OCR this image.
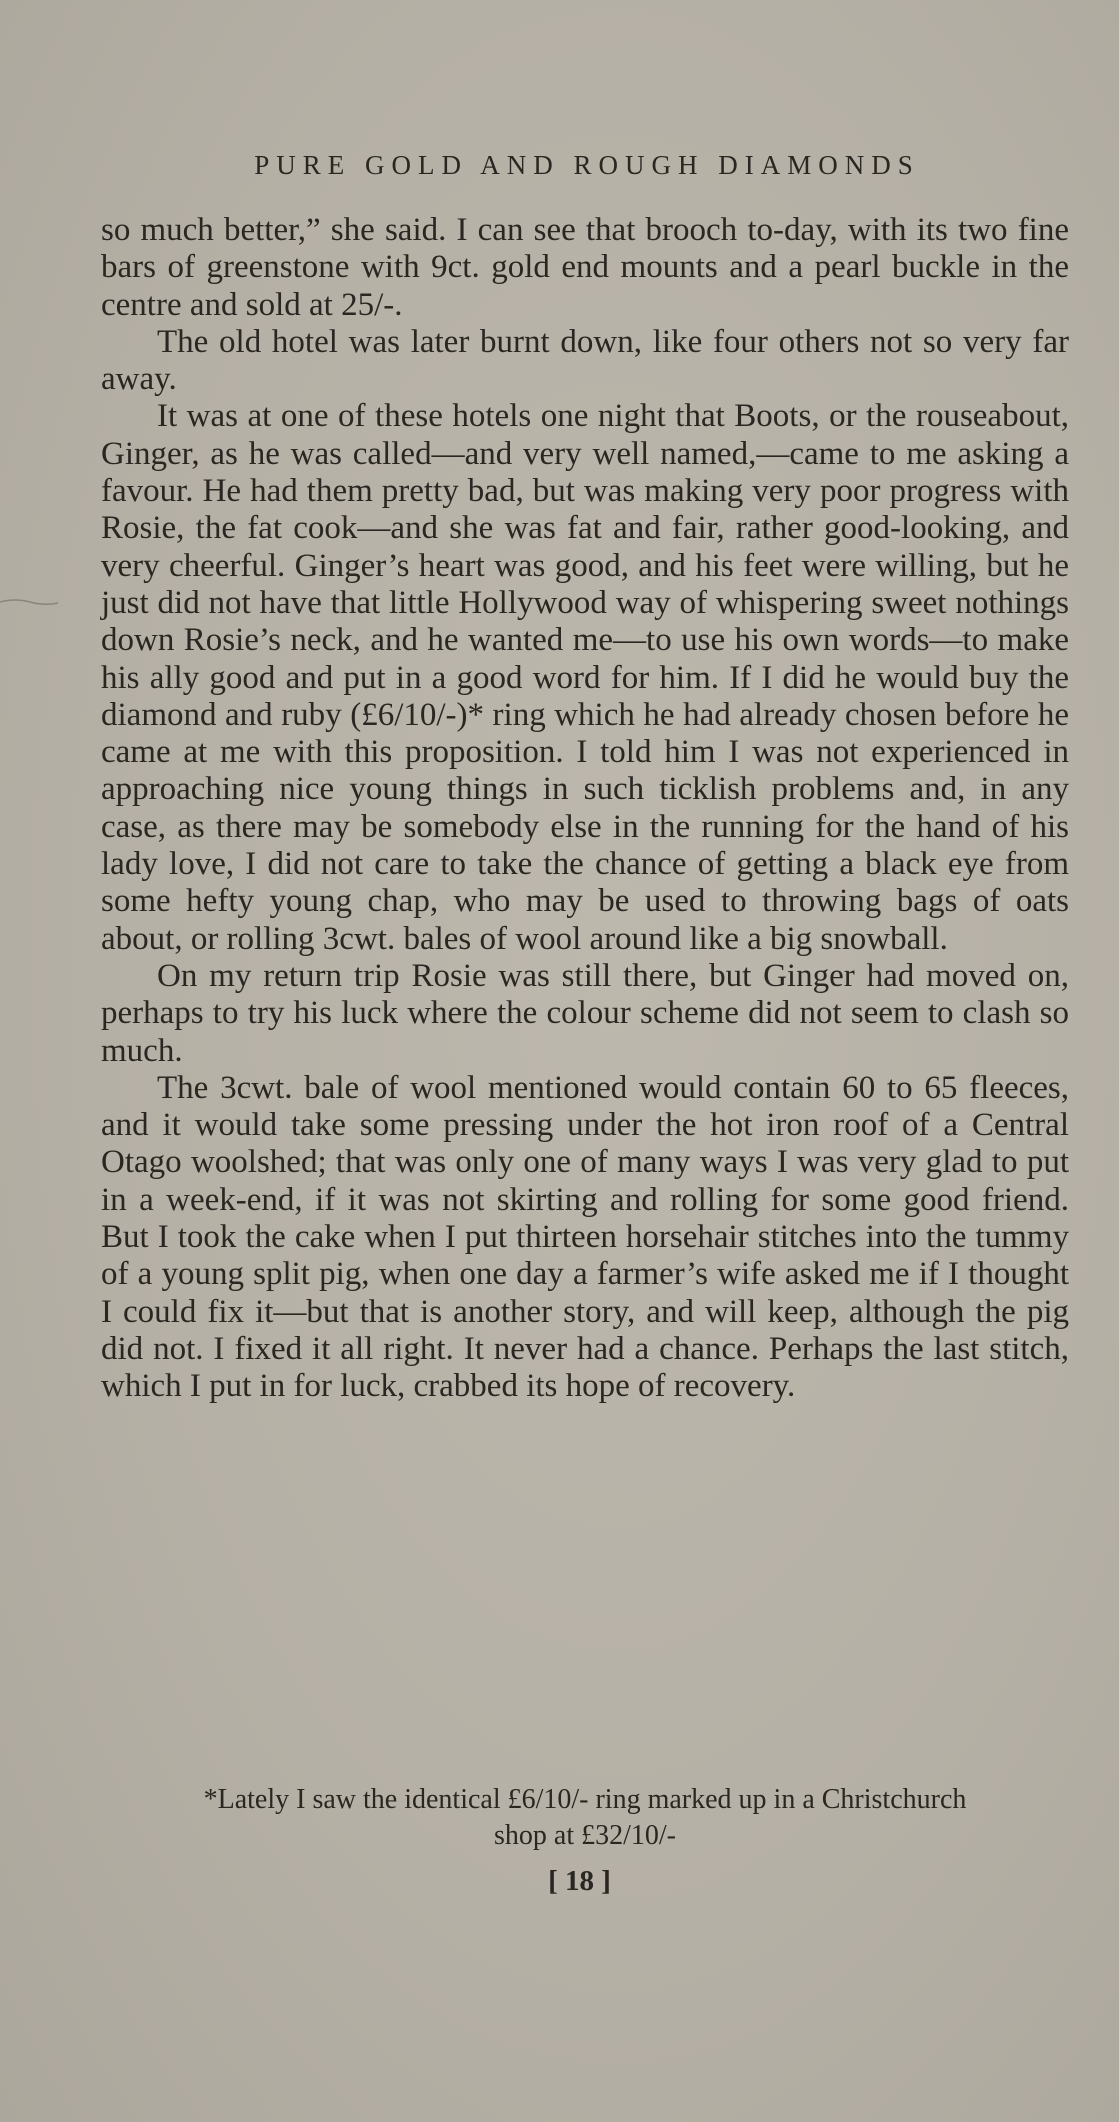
PURE GOLD AND ROUGH DIAMONDS

so much better,” she said. I can see that brooch to-day, with its two fine bars of greenstone with 9ct. gold end mounts and a pearl buckle in the centre and sold at 25/-.

The old hotel was later burnt down, like four others not so very far away.

It was at one of these hotels one night that Boots, or the rouseabout, Ginger, as he was called—and very well named,—came to me asking a favour. He had them pretty bad, but was making very poor progress with Rosie, the fat cook—and she was fat and fair, rather good-looking, and very cheerful. Ginger’s heart was good, and his feet were willing, but he just did not have that little Hollywood way of whispering sweet nothings down Rosie’s neck, and he wanted me—to use his own words—to make his ally good and put in a good word for him. If I did he would buy the diamond and ruby (£6/10/-)* ring which he had already chosen before he came at me with this proposition. I told him I was not experienced in approaching nice young things in such ticklish problems and, in any case, as there may be somebody else in the running for the hand of his lady love, I did not care to take the chance of getting a black eye from some hefty young chap, who may be used to throwing bags of oats about, or rolling 3cwt. bales of wool around like a big snowball.

On my return trip Rosie was still there, but Ginger had moved on, perhaps to try his luck where the colour scheme did not seem to clash so much.

The 3cwt. bale of wool mentioned would contain 60 to 65 fleeces, and it would take some pressing under the hot iron roof of a Central Otago woolshed; that was only one of many ways I was very glad to put in a week-end, if it was not skirting and rolling for some good friend. But I took the cake when I put thirteen horsehair stitches into the tummy of a young split pig, when one day a farmer’s wife asked me if I thought I could fix it—but that is another story, and will keep, although the pig did not. I fixed it all right. It never had a chance. Perhaps the last stitch, which I put in for luck, crabbed its hope of recovery.

*Lately I saw the identical £6/10/- ring marked up in a Christchurch
shop at £32/10/-
[ 18 ]
